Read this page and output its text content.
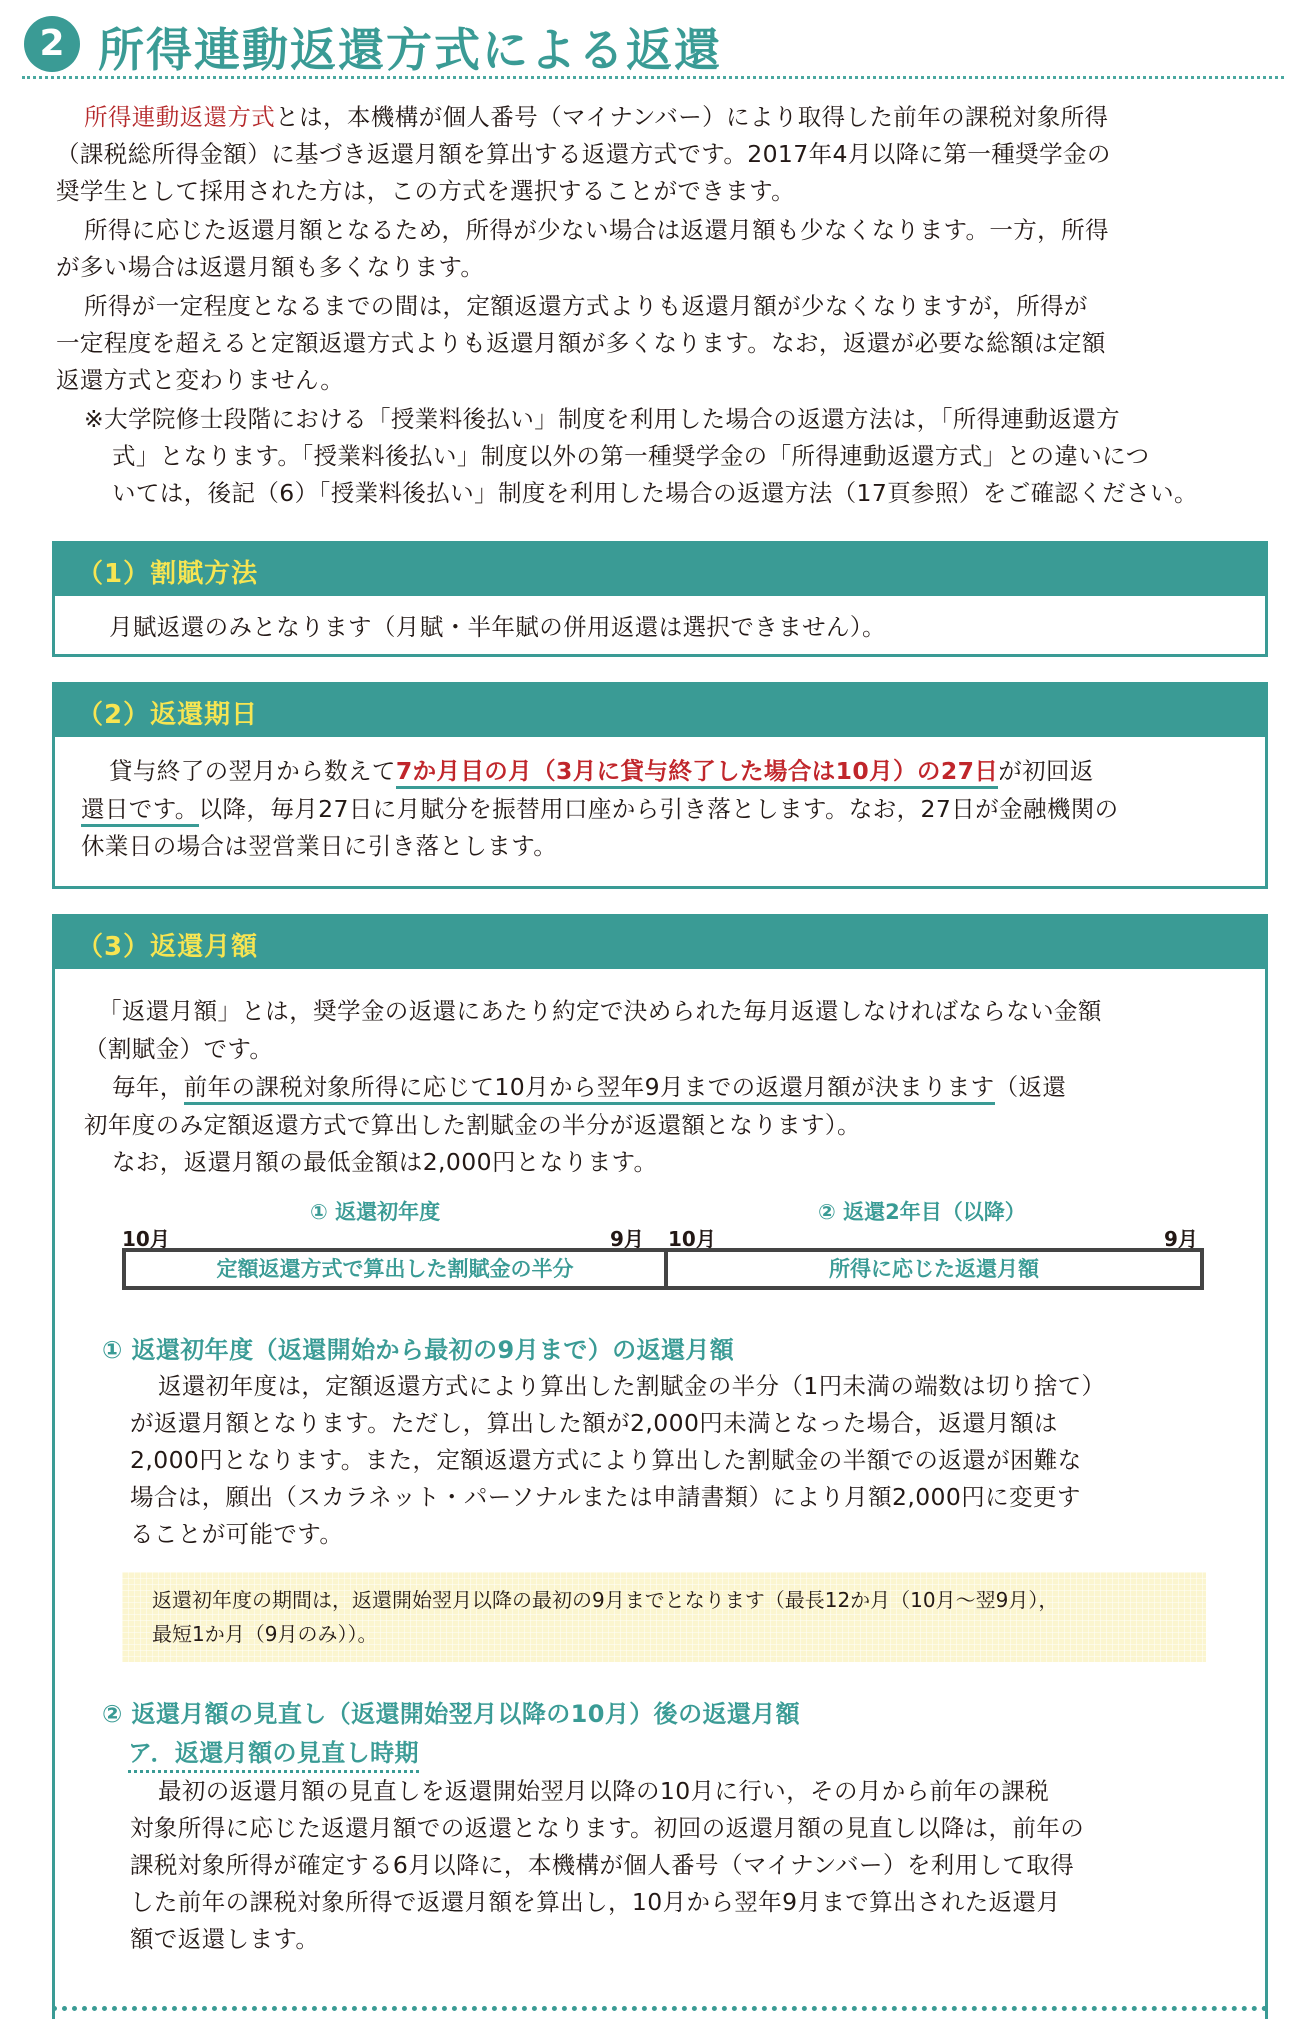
2 所得連動返還方式による返還
所得連動返還方式とは，本機構が個人番号（マイナンバー）により取得した前年の課税対象所得
（課税総所得金額）に基づき返還月額を算出する返還方式です。2017年4月以降に第一種奨学金の
奨学生として採用された方は，この方式を選択することができます。
所得に応じた返還月額となるため，所得が少ない場合は返還月額も少なくなります。一方，所得
が多い場合は返還月額も多くなります。
所得が一定程度となるまでの間は，定額返還方式よりも返還月額が少なくなりますが，所得が
一定程度を超えると定額返還方式よりも返還月額が多くなります。なお，返還が必要な総額は定額
返還方式と変わりません。
※大学院修士段階における「授業料後払い」制度を利用した場合の返還方法は，「所得連動返還方
式」となります。「授業料後払い」制度以外の第一種奨学金の「所得連動返還方式」との違いにつ
いては，後記（6）「授業料後払い」制度を利用した場合の返還方法（17頁参照）をご確認ください。
（1）割賦方法
月賦返還のみとなります（月賦・半年賦の併用返還は選択できません）。
（2）返還期日
貸与終了の翌月から数えて7か月目の月（3月に貸与終了した場合は10月）の27日が初回返
還日です。以降，毎月27日に月賦分を振替用口座から引き落とします。なお，27日が金融機関の
休業日の場合は翌営業日に引き落とします。
（3）返還月額
「返還月額」とは，奨学金の返還にあたり約定で決められた毎月返還しなければならない金額
（割賦金）です。
毎年，前年の課税対象所得に応じて10月から翌年9月までの返還月額が決まります（返還
初年度のみ定額返還方式で算出した割賦金の半分が返還額となります）。
なお，返還月額の最低金額は2,000円となります。
① 返還初年度	② 返還2年目（以降）
10月	9月 10月	9月
定額返還方式で算出した割賦金の半分	所得に応じた返還月額
① 返還初年度（返還開始から最初の9月まで）の返還月額
返還初年度は，定額返還方式により算出した割賦金の半分（1円未満の端数は切り捨て）
が返還月額となります。ただし，算出した額が2,000円未満となった場合，返還月額は
2,000円となります。また，定額返還方式により算出した割賦金の半額での返還が困難な
場合は，願出（スカラネット・パーソナルまたは申請書類）により月額2,000円に変更す
ることが可能です。
返還初年度の期間は，返還開始翌月以降の最初の9月までとなります（最長12か月（10月～翌9月），
最短1か月（9月のみ））。
② 返還月額の見直し（返還開始翌月以降の10月）後の返還月額
ア．返還月額の見直し時期
最初の返還月額の見直しを返還開始翌月以降の10月に行い，その月から前年の課税
対象所得に応じた返還月額での返還となります。初回の返還月額の見直し以降は，前年の
課税対象所得が確定する6月以降に，本機構が個人番号（マイナンバー）を利用して取得
した前年の課税対象所得で返還月額を算出し，10月から翌年9月まで算出された返還月
額で返還します。
